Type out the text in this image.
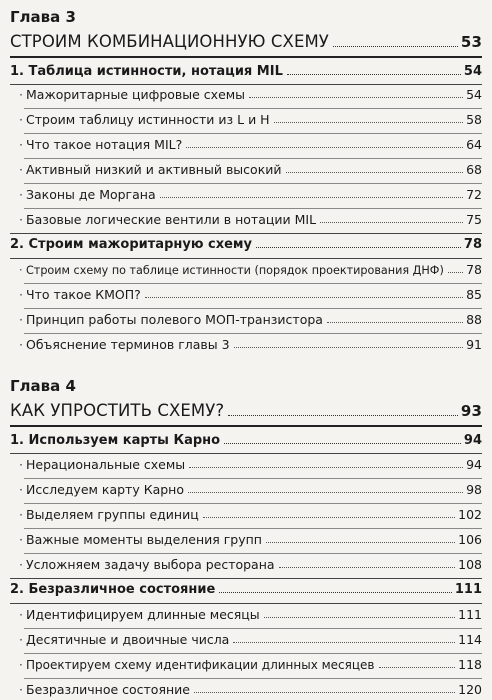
Глава 3
СТРОИМ КОМБИНАЦИОННУЮ СХЕМУ	53
1. Таблица истинности, нотация MIL	54
· Мажоритарные цифровые схемы	54
· Строим таблицу истинности из L и H	58
· Что такое нотация MIL?	64
· Активный низкий и активный высокий	68
· Законы де Моргана	72
· Базовые логические вентили в нотации MIL	75
2. Строим мажоритарную схему	78
· Строим схему по таблице истинности (порядок проектирования ДНФ) 78
· Что такое КМОП?	85
· Принцип работы полевого МОП-транзистора	88
· Объяснение терминов главы 3	91
Глава 4
КАК УПРОСТИТЬ СХЕМУ?	93
1. Используем карты Карно	94
· Нерациональные схемы	94
· Исследуем карту Карно	98
· Выделяем группы единиц	102
· Важные моменты выделения групп	106
· Усложняем задачу выбора ресторана	108
2. Безразличное состояние	111
· Идентифицируем длинные месяцы	111
· Десятичные и двоичные числа	114
· Проектируем схему идентификации длинных месяцев	118
· Безразличное состояние	120
